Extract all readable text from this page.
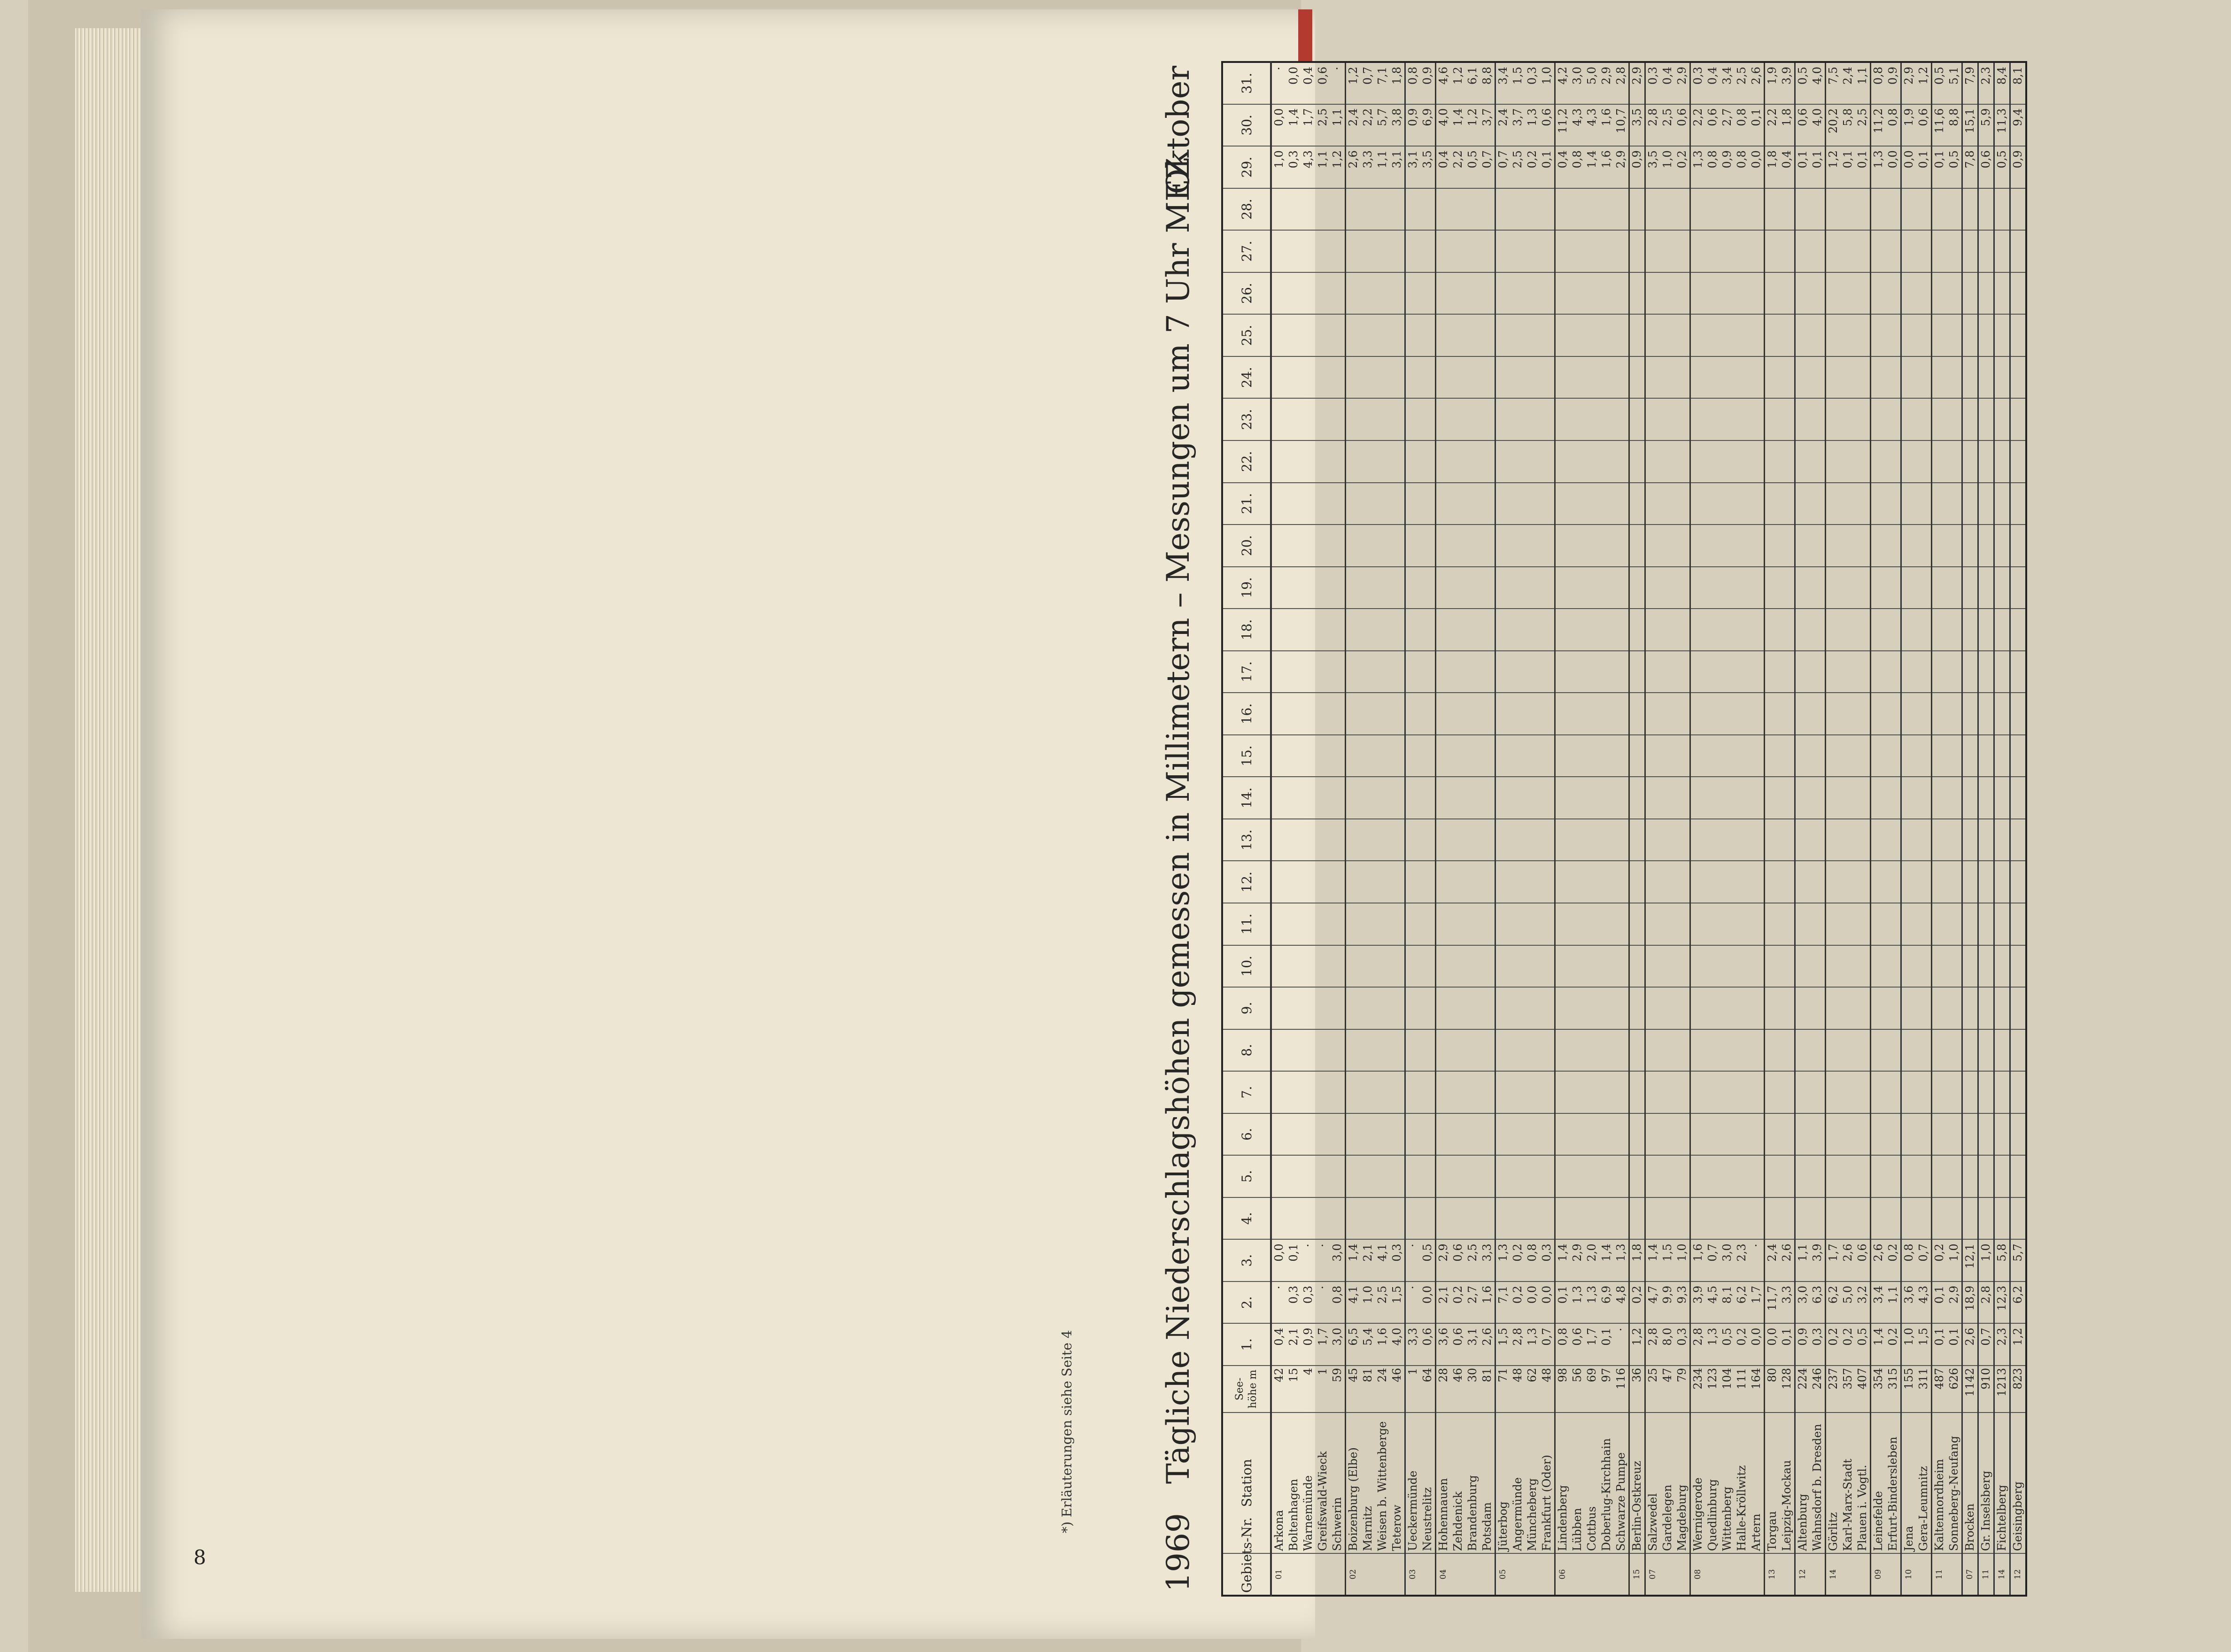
8
*) Erläuterungen siehe Seite 4
1969
Tägliche Niederschlagshöhen gemessen in Millimetern – Messungen um 7 Uhr MEZ
Oktober
Gebiets-Nr.	Station	See-höhe m	1.	2.	3.	4.	5.	6.	7.	8.	9.	10.	11.	12.	13.	14.	15.	16.	17.	18.	19.	20.	21.	22.	23.	24.	25.	26.	27.	28.	29.	30.	31.
01	Arkona	42	0,4	·	0,0																										1,0	0,0	·
	Boltenhagen	15	2,1	0,3	0,1																										0,3	1,4	0,0
	Warnemünde	4	0,9	0,3	·																										4,3	1,7	0,4
	Greifswald-Wieck	1	1,7	·	·																										1,1	2,5	0,6
	Schwerin	59	3,0	0,8	3,0																										1,2	1,1	·
02	Boizenburg (Elbe)	45	6,5	4,1	1,4																										2,6	2,4	1,2
	Marnitz	81	5,4	1,0	2,1																										3,3	2,2	0,7
	Weisen b. Wittenberge	24	1,6	2,5	4,1																										1,1	5,7	7,1
	Teterow	46	4,0	1,5	0,3																										3,1	3,8	1,8
03	Ueckermünde	1	3,3	·	·																										3,1	0,9	0,8
	Neustrelitz	64	0,6	0,0	0,5																										3,5	6,9	0,9
04	Hohennauen	28	3,6	2,1	2,9																										0,4	4,0	4,6
	Zehdenick	46	0,6	0,2	0,6																										2,2	1,4	1,2
	Brandenburg	30	3,1	2,7	2,5																										0,5	1,2	6,1
	Potsdam	81	2,6	1,6	3,3																										0,7	3,7	8,8
05	Jüterbog	71	1,5	7,1	1,3																										0,7	2,4	3,4
	Angermünde	48	2,8	0,2	0,2																										2,5	3,7	1,5
	Müncheberg	62	1,3	0,0	0,8																										0,2	1,3	0,3
	Frankfurt (Oder)	48	0,7	0,0	0,3																										0,1	0,6	1,0
06	Lindenberg	98	0,8	0,1	1,4																										0,4	11,2	4,2
	Lübben	56	0,6	1,3	2,9																										0,8	4,3	3,0
	Cottbus	69	1,7	1,3	2,0																										1,4	4,3	5,0
	Doberlug-Kirchhain	97	0,1	6,9	1,4																										1,6	1,6	2,9
	Schwarze Pumpe	116	·	4,8	1,3																										2,9	10,7	2,8
15	Berlin-Ostkreuz	36	1,2	0,2	1,8																										0,9	3,5	2,9
07	Salzwedel	25	2,8	4,7	1,4																										3,5	2,8	0,3
	Gardelegen	47	8,0	9,9	1,5																										1,0	2,5	0,4
	Magdeburg	79	0,3	9,3	1,0																										0,2	0,6	2,9
08	Wernigerode	234	2,8	3,9	1,6																										1,3	2,2	0,3
	Quedlinburg	123	1,3	4,5	0,7																										0,8	0,6	0,4
	Wittenberg	104	0,5	8,1	3,0																										0,9	2,7	3,4
	Halle-Kröllwitz	111	0,2	6,2	2,3																										0,8	0,8	2,5
	Artern	164	0,0	1,7	·																										0,0	0,1	2,6
13	Torgau	80	0,0	11,7	2,4																										1,8	2,2	1,9
	Leipzig-Mockau	128	0,1	3,3	2,6																										0,4	1,8	3,9
12	Altenburg	224	0,9	3,0	1,1																										0,1	0,6	0,5
	Wahnsdorf b. Dresden	246	0,3	6,3	3,9																										0,1	4,0	4,0
14	Görlitz	237	0,2	6,2	1,7																										1,2	20,2	7,5
	Karl-Marx-Stadt	357	0,2	5,0	2,6																										0,1	5,8	2,4
	Plauen i. Vogtl.	407	0,5	3,2	0,6																										0,1	2,5	1,1
09	Leinefelde	354	1,4	3,4	2,6																										1,3	11,2	0,8
	Erfurt-Bindersleben	315	0,2	1,1	0,2																										0,0	0,8	0,9
10	Jena	155	1,0	3,6	0,8																										0,0	1,9	2,9
	Gera-Leumnitz	311	1,5	4,3	0,7																										0,1	0,6	1,2
11	Kaltennordheim	487	0,1	0,1	0,2																										0,1	11,6	0,5
	Sonneberg-Neufang	626	0,1	2,9	1,0																										0,5	8,8	5,1
07	Brocken	1142	2,6	18,9	12,1																										7,8	15,1	7,9
11	Gr. Inselsberg	910	0,7	2,8	1,0																										0,6	5,9	2,3
14	Fichtelberg	1213	2,3	12,3	5,8																										0,5	11,3	8,4
12	Geisingberg	823	1,2	6,2	5,7																										0,9	9,4	8,1
